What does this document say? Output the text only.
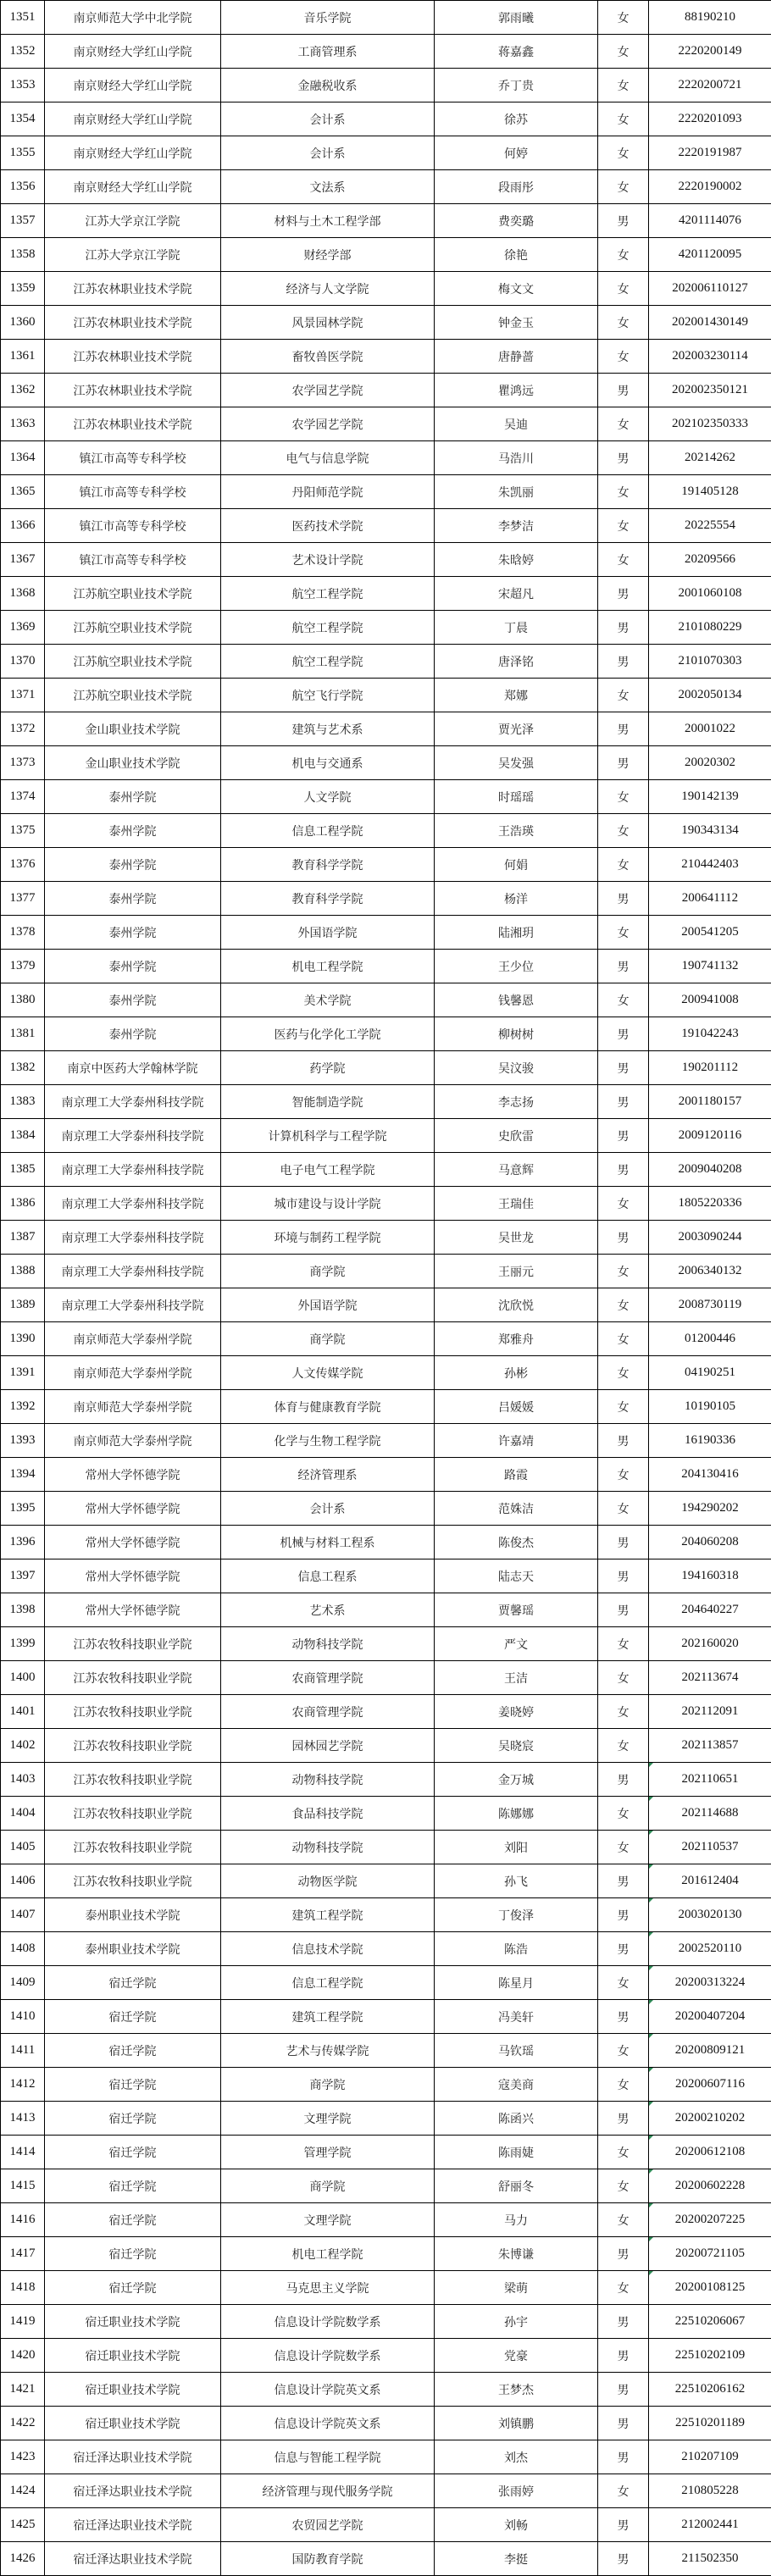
1351	南京师范大学中北学院	音乐学院	郭雨曦	女	88190210
1352	南京财经大学红山学院	工商管理系	蒋嘉鑫	女	2220200149
1353	南京财经大学红山学院	金融税收系	乔丁贵	女	2220200721
1354	南京财经大学红山学院	会计系	徐苏	女	2220201093
1355	南京财经大学红山学院	会计系	何婷	女	2220191987
1356	南京财经大学红山学院	文法系	段雨彤	女	2220190002
1357	江苏大学京江学院	材料与土木工程学部	费奕璐	男	4201114076
1358	江苏大学京江学院	财经学部	徐艳	女	4201120095
1359	江苏农林职业技术学院	经济与人文学院	梅文文	女	202006110127
1360	江苏农林职业技术学院	风景园林学院	钟金玉	女	202001430149
1361	江苏农林职业技术学院	畜牧兽医学院	唐静蔷	女	202003230114
1362	江苏农林职业技术学院	农学园艺学院	瞿鸿远	男	202002350121
1363	江苏农林职业技术学院	农学园艺学院	吴迪	女	202102350333
1364	镇江市高等专科学校	电气与信息学院	马浩川	男	20214262
1365	镇江市高等专科学校	丹阳师范学院	朱凯丽	女	191405128
1366	镇江市高等专科学校	医药技术学院	李梦洁	女	20225554
1367	镇江市高等专科学校	艺术设计学院	朱晗婷	女	20209566
1368	江苏航空职业技术学院	航空工程学院	宋超凡	男	2001060108
1369	江苏航空职业技术学院	航空工程学院	丁晨	男	2101080229
1370	江苏航空职业技术学院	航空工程学院	唐泽铭	男	2101070303
1371	江苏航空职业技术学院	航空飞行学院	郑娜	女	2002050134
1372	金山职业技术学院	建筑与艺术系	贾光泽	男	20001022
1373	金山职业技术学院	机电与交通系	吴发强	男	20020302
1374	泰州学院	人文学院	时瑶瑶	女	190142139
1375	泰州学院	信息工程学院	王浩瑛	女	190343134
1376	泰州学院	教育科学学院	何娟	女	210442403
1377	泰州学院	教育科学学院	杨洋	男	200641112
1378	泰州学院	外国语学院	陆湘玥	女	200541205
1379	泰州学院	机电工程学院	王少位	男	190741132
1380	泰州学院	美术学院	钱馨恩	女	200941008
1381	泰州学院	医药与化学化工学院	柳树树	男	191042243
1382	南京中医药大学翰林学院	药学院	吴汶骏	男	190201112
1383	南京理工大学泰州科技学院	智能制造学院	李志扬	男	2001180157
1384	南京理工大学泰州科技学院	计算机科学与工程学院	史欣雷	男	2009120116
1385	南京理工大学泰州科技学院	电子电气工程学院	马意辉	男	2009040208
1386	南京理工大学泰州科技学院	城市建设与设计学院	王瑞佳	女	1805220336
1387	南京理工大学泰州科技学院	环境与制药工程学院	吴世龙	男	2003090244
1388	南京理工大学泰州科技学院	商学院	王丽元	女	2006340132
1389	南京理工大学泰州科技学院	外国语学院	沈欣悦	女	2008730119
1390	南京师范大学泰州学院	商学院	郑雅舟	女	01200446
1391	南京师范大学泰州学院	人文传媒学院	孙彬	女	04190251
1392	南京师范大学泰州学院	体育与健康教育学院	吕媛媛	女	10190105
1393	南京师范大学泰州学院	化学与生物工程学院	许嘉靖	男	16190336
1394	常州大学怀德学院	经济管理系	路霞	女	204130416
1395	常州大学怀德学院	会计系	范姝洁	女	194290202
1396	常州大学怀德学院	机械与材料工程系	陈俊杰	男	204060208
1397	常州大学怀德学院	信息工程系	陆志天	男	194160318
1398	常州大学怀德学院	艺术系	贾馨瑶	男	204640227
1399	江苏农牧科技职业学院	动物科技学院	严文	女	202160020
1400	江苏农牧科技职业学院	农商管理学院	王洁	女	202113674
1401	江苏农牧科技职业学院	农商管理学院	姜晓婷	女	202112091
1402	江苏农牧科技职业学院	园林园艺学院	吴晓宸	女	202113857
1403	江苏农牧科技职业学院	动物科技学院	金万城	男	202110651
1404	江苏农牧科技职业学院	食品科技学院	陈娜娜	女	202114688
1405	江苏农牧科技职业学院	动物科技学院	刘阳	女	202110537
1406	江苏农牧科技职业学院	动物医学院	孙飞	男	201612404
1407	泰州职业技术学院	建筑工程学院	丁俊泽	男	2003020130
1408	泰州职业技术学院	信息技术学院	陈浩	男	2002520110
1409	宿迁学院	信息工程学院	陈星月	女	20200313224
1410	宿迁学院	建筑工程学院	冯美轩	男	20200407204
1411	宿迁学院	艺术与传媒学院	马钦瑶	女	20200809121
1412	宿迁学院	商学院	寇美商	女	20200607116
1413	宿迁学院	文理学院	陈函兴	男	20200210202
1414	宿迁学院	管理学院	陈雨婕	女	20200612108
1415	宿迁学院	商学院	舒丽冬	女	20200602228
1416	宿迁学院	文理学院	马力	女	20200207225
1417	宿迁学院	机电工程学院	朱博谦	男	20200721105
1418	宿迁学院	马克思主义学院	梁萌	女	20200108125
1419	宿迁职业技术学院	信息设计学院数学系	孙宇	男	22510206067
1420	宿迁职业技术学院	信息设计学院数学系	党豪	男	22510202109
1421	宿迁职业技术学院	信息设计学院英文系	王梦杰	男	22510206162
1422	宿迁职业技术学院	信息设计学院英文系	刘镇鹏	男	22510201189
1423	宿迁泽达职业技术学院	信息与智能工程学院	刘杰	男	210207109
1424	宿迁泽达职业技术学院	经济管理与现代服务学院	张雨婷	女	210805228
1425	宿迁泽达职业技术学院	农贸园艺学院	刘畅	男	212002441
1426	宿迁泽达职业技术学院	国防教育学院	李挺	男	211502350
